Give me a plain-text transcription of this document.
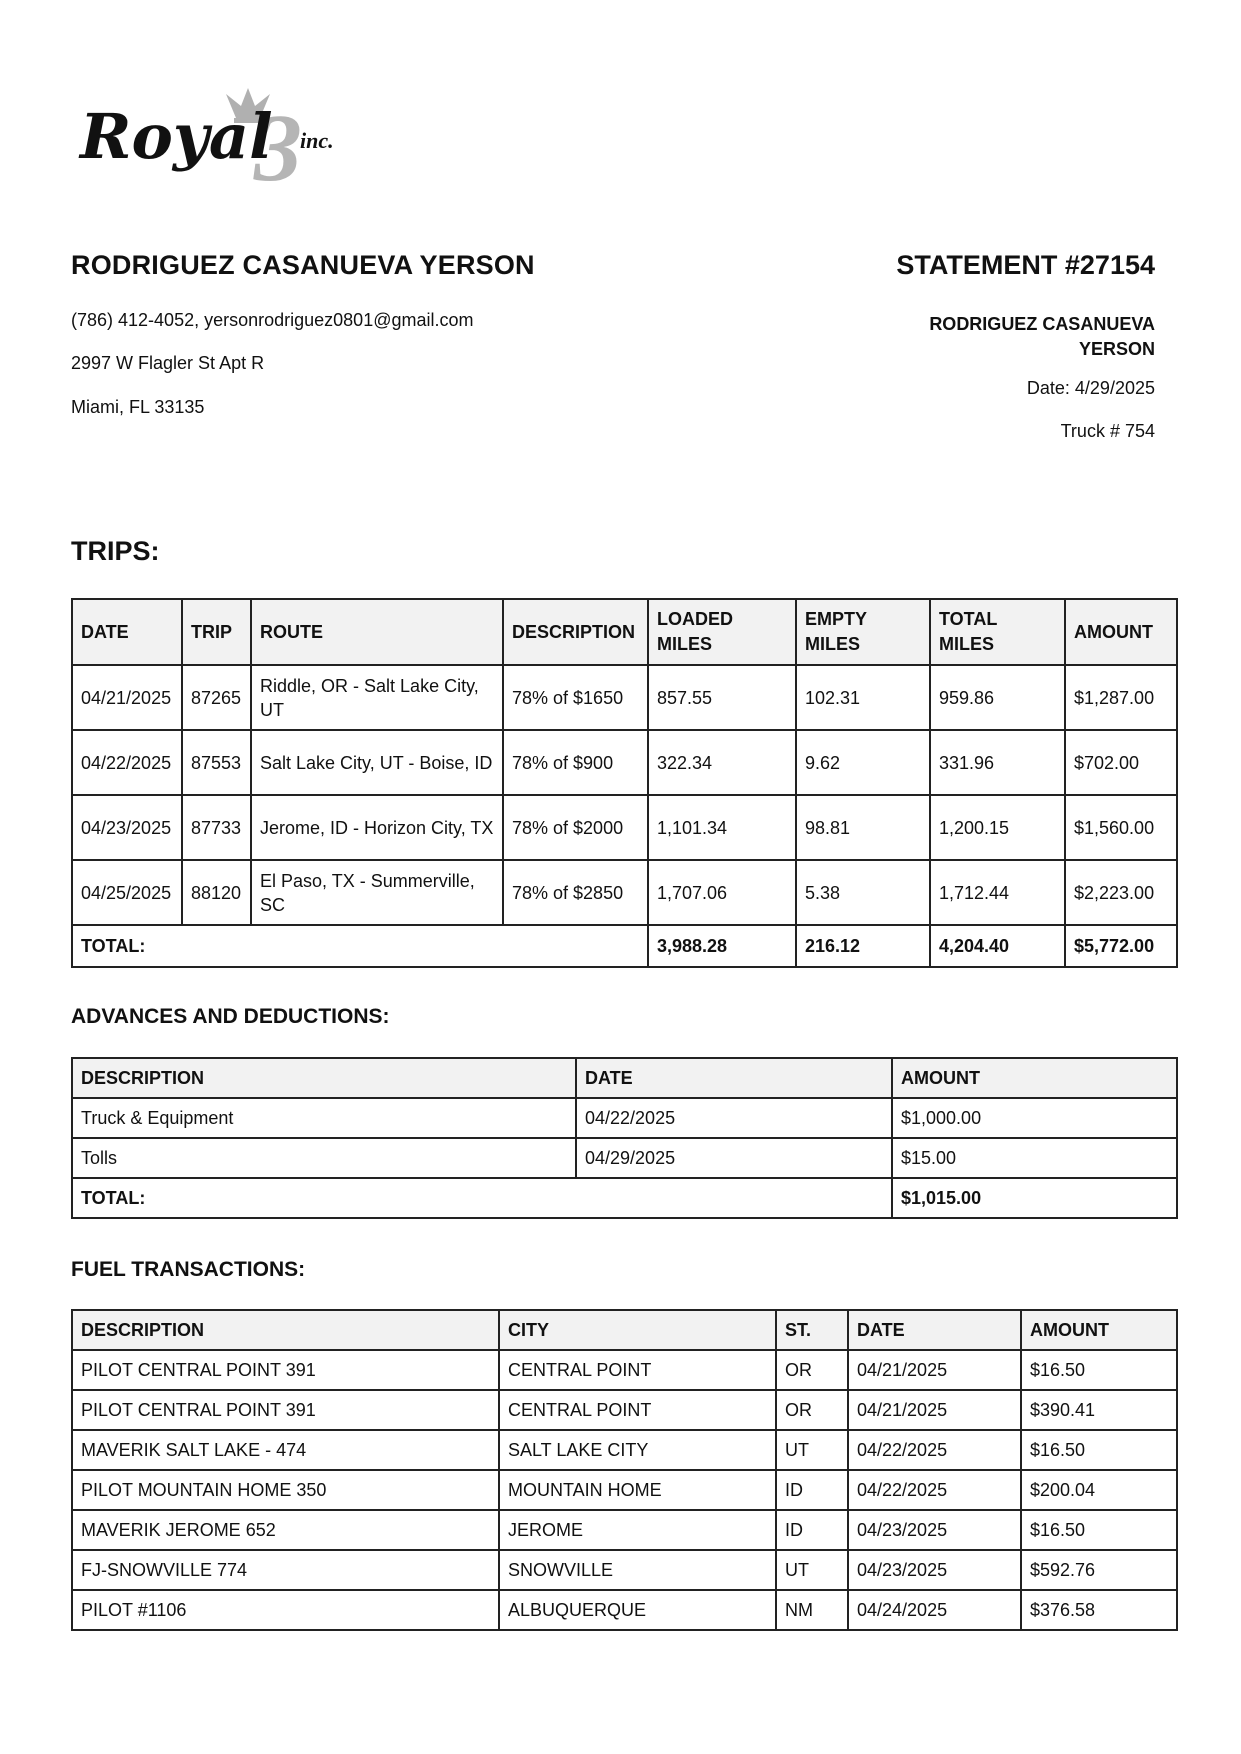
3
Royal inc.
RODRIGUEZ CASANUEVA YERSON
(786) 412-4052, yersonrodriguez0801@gmail.com
2997 W Flagler St Apt R
Miami, FL 33135
STATEMENT #27154
RODRIGUEZ CASANUEVA YERSON
Date: 4/29/2025
Truck # 754
TRIPS:
DATE	TRIP	ROUTE	DESCRIPTION	LOADED MILES	EMPTY MILES	TOTAL MILES	AMOUNT
04/21/2025	87265	Riddle, OR - Salt Lake City, UT	78% of $1650	857.55	102.31	959.86	$1,287.00
04/22/2025	87553	Salt Lake City, UT - Boise, ID	78% of $900	322.34	9.62	331.96	$702.00
04/23/2025	87733	Jerome, ID - Horizon City, TX	78% of $2000	1,101.34	98.81	1,200.15	$1,560.00
04/25/2025	88120	El Paso, TX - Summerville, SC	78% of $2850	1,707.06	5.38	1,712.44	$2,223.00
TOTAL:				3,988.28	216.12	4,204.40	$5,772.00
ADVANCES AND DEDUCTIONS:
DESCRIPTION	DATE	AMOUNT
Truck & Equipment	04/22/2025	$1,000.00
Tolls	04/29/2025	$15.00
TOTAL:		$1,015.00
FUEL TRANSACTIONS:
DESCRIPTION	CITY	ST.	DATE	AMOUNT
PILOT CENTRAL POINT 391	CENTRAL POINT	OR	04/21/2025	$16.50
PILOT CENTRAL POINT 391	CENTRAL POINT	OR	04/21/2025	$390.41
MAVERIK SALT LAKE - 474	SALT LAKE CITY	UT	04/22/2025	$16.50
PILOT MOUNTAIN HOME 350	MOUNTAIN HOME	ID	04/22/2025	$200.04
MAVERIK JEROME 652	JEROME	ID	04/23/2025	$16.50
FJ-SNOWVILLE 774	SNOWVILLE	UT	04/23/2025	$592.76
PILOT #1106	ALBUQUERQUE	NM	04/24/2025	$376.58
